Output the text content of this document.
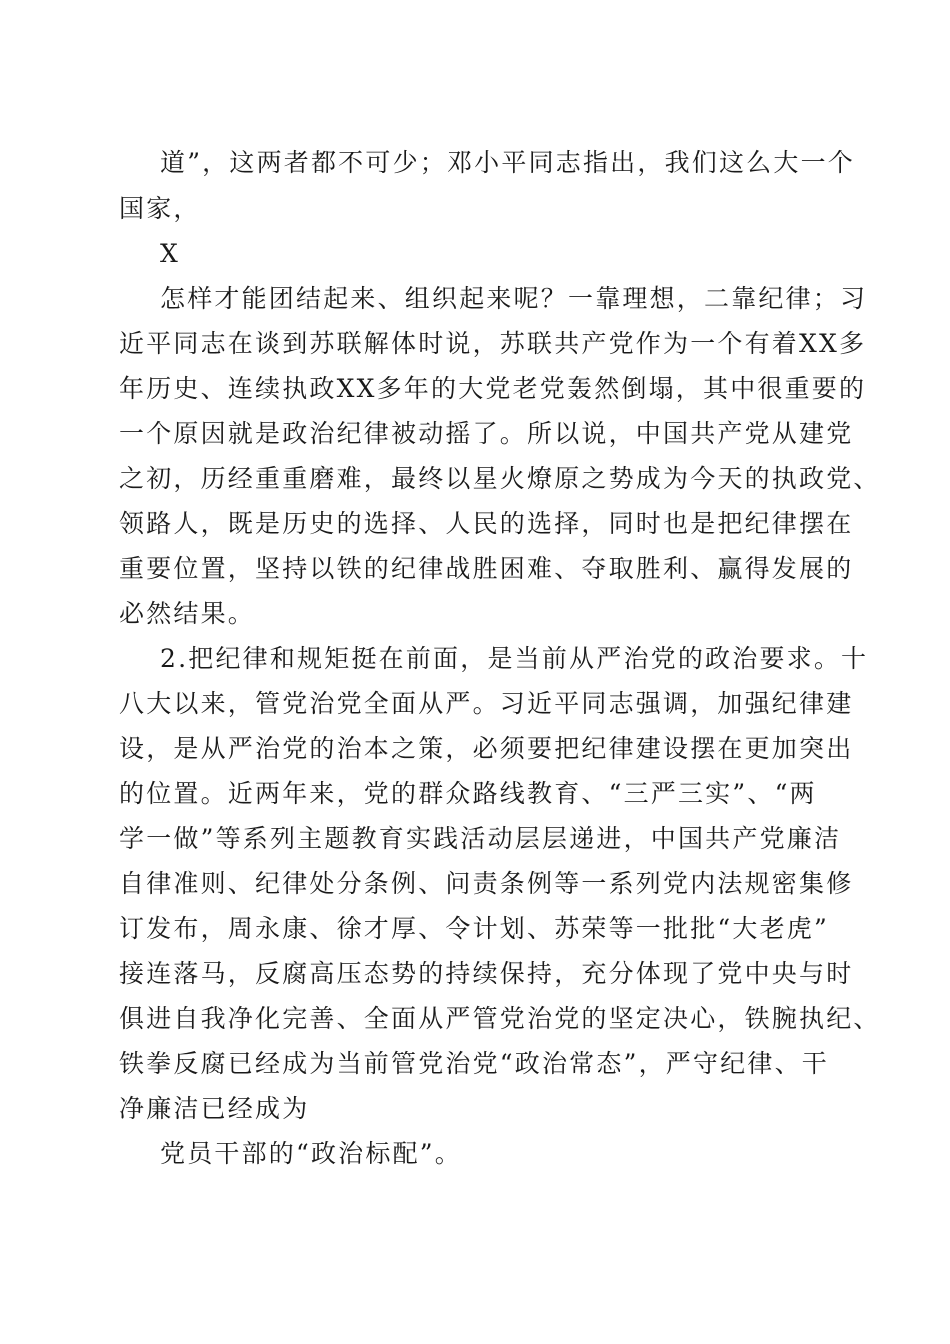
道”，这两者都不可少；邓小平同志指出，我们这么大一个
国家，
X
怎样才能团结起来、组织起来呢？一靠理想，二靠纪律；习
近平同志在谈到苏联解体时说，苏联共产党作为一个有着XX多
年历史、连续执政XX多年的大党老党轰然倒塌，其中很重要的
一个原因就是政治纪律被动摇了。所以说，中国共产党从建党
之初，历经重重磨难，最终以星火燎原之势成为今天的执政党、
领路人，既是历史的选择、人民的选择，同时也是把纪律摆在
重要位置，坚持以铁的纪律战胜困难、夺取胜利、赢得发展的
必然结果。
2.把纪律和规矩挺在前面，是当前从严治党的政治要求。十
八大以来，管党治党全面从严。习近平同志强调，加强纪律建
设，是从严治党的治本之策，必须要把纪律建设摆在更加突出
的位置。近两年来，党的群众路线教育、“三严三实”、“两
学一做”等系列主题教育实践活动层层递进，中国共产党廉洁
自律准则、纪律处分条例、问责条例等一系列党内法规密集修
订发布，周永康、徐才厚、令计划、苏荣等一批批“大老虎”
接连落马，反腐高压态势的持续保持，充分体现了党中央与时
俱进自我净化完善、全面从严管党治党的坚定决心，铁腕执纪、
铁拳反腐已经成为当前管党治党“政治常态”，严守纪律、干
净廉洁已经成为
党员干部的“政治标配”。
